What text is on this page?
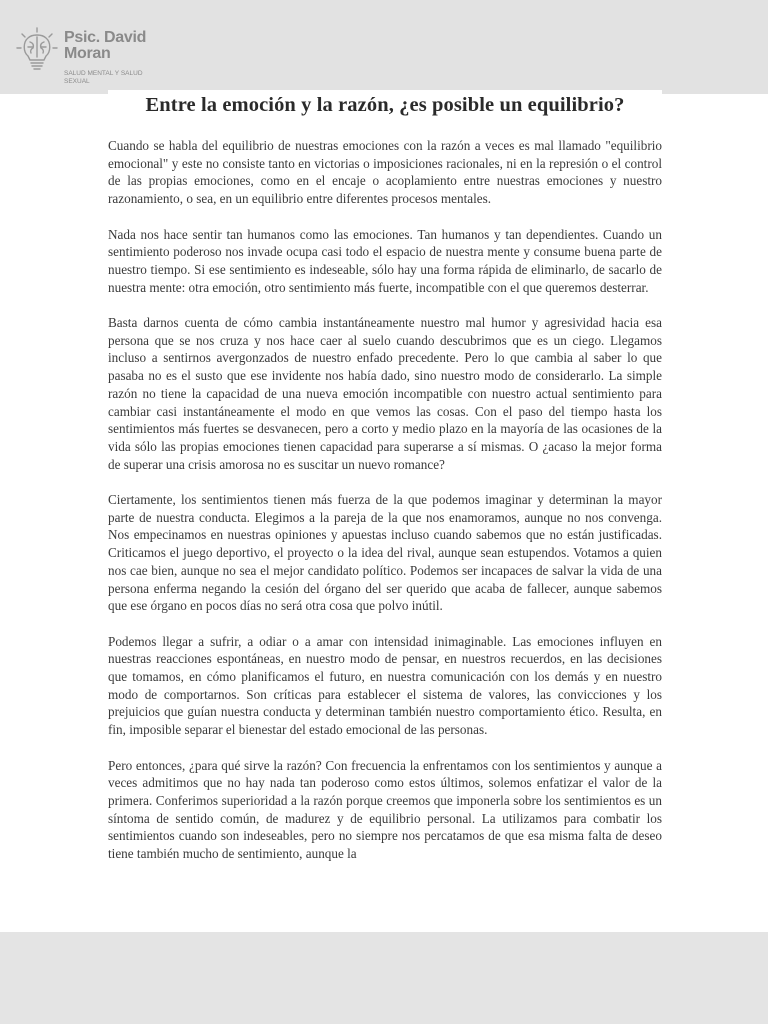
Psic. David Moran
SALUD MENTAL Y SALUD SEXUAL
Entre la emoción y la razón, ¿es posible un equilibrio?

Cuando se habla del equilibrio de nuestras emociones con la razón a veces es mal llamado "equilibrio emocional" y este no consiste tanto en victorias o imposiciones racionales, ni en la represión o el control de las propias emociones, como en el encaje o acoplamiento entre nuestras emociones y nuestro razonamiento, o sea, en un equilibrio entre diferentes procesos mentales.

Nada nos hace sentir tan humanos como las emociones. Tan humanos y tan dependientes. Cuando un sentimiento poderoso nos invade ocupa casi todo el espacio de nuestra mente y consume buena parte de nuestro tiempo. Si ese sentimiento es indeseable, sólo hay una forma rápida de eliminarlo, de sacarlo de nuestra mente: otra emoción, otro sentimiento más fuerte, incompatible con el que queremos desterrar.

Basta darnos cuenta de cómo cambia instantáneamente nuestro mal humor y agresividad hacia esa persona que se nos cruza y nos hace caer al suelo cuando descubrimos que es un ciego. Llegamos incluso a sentirnos avergonzados de nuestro enfado precedente. Pero lo que cambia al saber lo que pasaba no es el susto que ese invidente nos había dado, sino nuestro modo de considerarlo. La simple razón no tiene la capacidad de una nueva emoción incompatible con nuestro actual sentimiento para cambiar casi instantáneamente el modo en que vemos las cosas. Con el paso del tiempo hasta los sentimientos más fuertes se desvanecen, pero a corto y medio plazo en la mayoría de las ocasiones de la vida sólo las propias emociones tienen capacidad para superarse a sí mismas. O ¿acaso la mejor forma de superar una crisis amorosa no es suscitar un nuevo romance?

Ciertamente, los sentimientos tienen más fuerza de la que podemos imaginar y determinan la mayor parte de nuestra conducta. Elegimos a la pareja de la que nos enamoramos, aunque no nos convenga. Nos empecinamos en nuestras opiniones y apuestas incluso cuando sabemos que no están justificadas. Criticamos el juego deportivo, el proyecto o la idea del rival, aunque sean estupendos. Votamos a quien nos cae bien, aunque no sea el mejor candidato político. Podemos ser incapaces de salvar la vida de una persona enferma negando la cesión del órgano del ser querido que acaba de fallecer, aunque sabemos que ese órgano en pocos días no será otra cosa que polvo inútil.

Podemos llegar a sufrir, a odiar o a amar con intensidad inimaginable. Las emociones influyen en nuestras reacciones espontáneas, en nuestro modo de pensar, en nuestros recuerdos, en las decisiones que tomamos, en cómo planificamos el futuro, en nuestra comunicación con los demás y en nuestro modo de comportarnos. Son críticas para establecer el sistema de valores, las convicciones y los prejuicios que guían nuestra conducta y determinan también nuestro comportamiento ético. Resulta, en fin, imposible separar el bienestar del estado emocional de las personas.

Pero entonces, ¿para qué sirve la razón? Con frecuencia la enfrentamos con los sentimientos y aunque a veces admitimos que no hay nada tan poderoso como estos últimos, solemos enfatizar el valor de la primera. Conferimos superioridad a la razón porque creemos que imponerla sobre los sentimientos es un síntoma de sentido común, de madurez y de equilibrio personal. La utilizamos para combatir los sentimientos cuando son indeseables, pero no siempre nos percatamos de que esa misma falta de deseo tiene también mucho de sentimiento, aunque la
